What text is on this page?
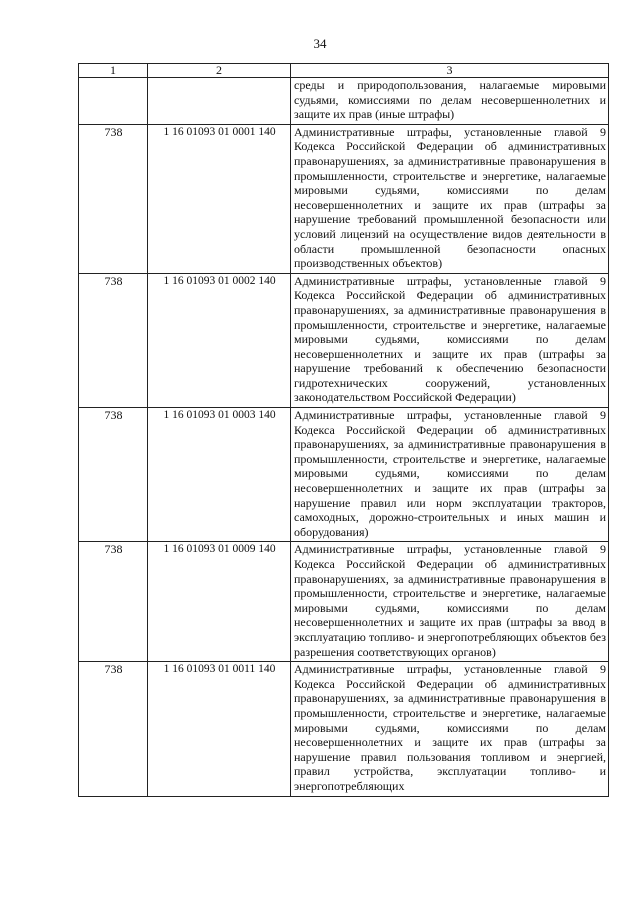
34
1	2	3
		среды и природопользования, налагаемые мировыми судьями, комиссиями по делам несовершеннолетних и защите их прав (иные штрафы)
738	1 16 01093 01 0001 140	Административные штрафы, установленные главой 9 Кодекса Российской Федерации об административных правонарушениях, за административные правонарушения в промышленности, строительстве и энергетике, налагаемые мировыми судьями, комиссиями по делам несовершеннолетних и защите их прав (штрафы за нарушение требований промышленной безопасности или условий лицензий на осуществление видов деятельности в области промышленной безопасности опасных производственных объектов)
738	1 16 01093 01 0002 140	Административные штрафы, установленные главой 9 Кодекса Российской Федерации об административных правонарушениях, за административные правонарушения в промышленности, строительстве и энергетике, налагаемые мировыми судьями, комиссиями по делам несовершеннолетних и защите их прав (штрафы за нарушение требований к обеспечению безопасности гидротехнических сооружений, установленных законодательством Российской Федерации)
738	1 16 01093 01 0003 140	Административные штрафы, установленные главой 9 Кодекса Российской Федерации об административных правонарушениях, за административные правонарушения в промышленности, строительстве и энергетике, налагаемые мировыми судьями, комиссиями по делам несовершеннолетних и защите их прав (штрафы за нарушение правил или норм эксплуатации тракторов, самоходных, дорожно-строительных и иных машин и оборудования)
738	1 16 01093 01 0009 140	Административные штрафы, установленные главой 9 Кодекса Российской Федерации об административных правонарушениях, за административные правонарушения в промышленности, строительстве и энергетике, налагаемые мировыми судьями, комиссиями по делам несовершеннолетних и защите их прав (штрафы за ввод в эксплуатацию топливо- и энергопотребляющих объектов без разрешения соответствующих органов)
738	1 16 01093 01 0011 140	Административные штрафы, установленные главой 9 Кодекса Российской Федерации об административных правонарушениях, за административные правонарушения в промышленности, строительстве и энергетике, налагаемые мировыми судьями, комиссиями по делам несовершеннолетних и защите их прав (штрафы за нарушение правил пользования топливом и энергией, правил устройства, эксплуатации топливо- и энергопотребляющих
